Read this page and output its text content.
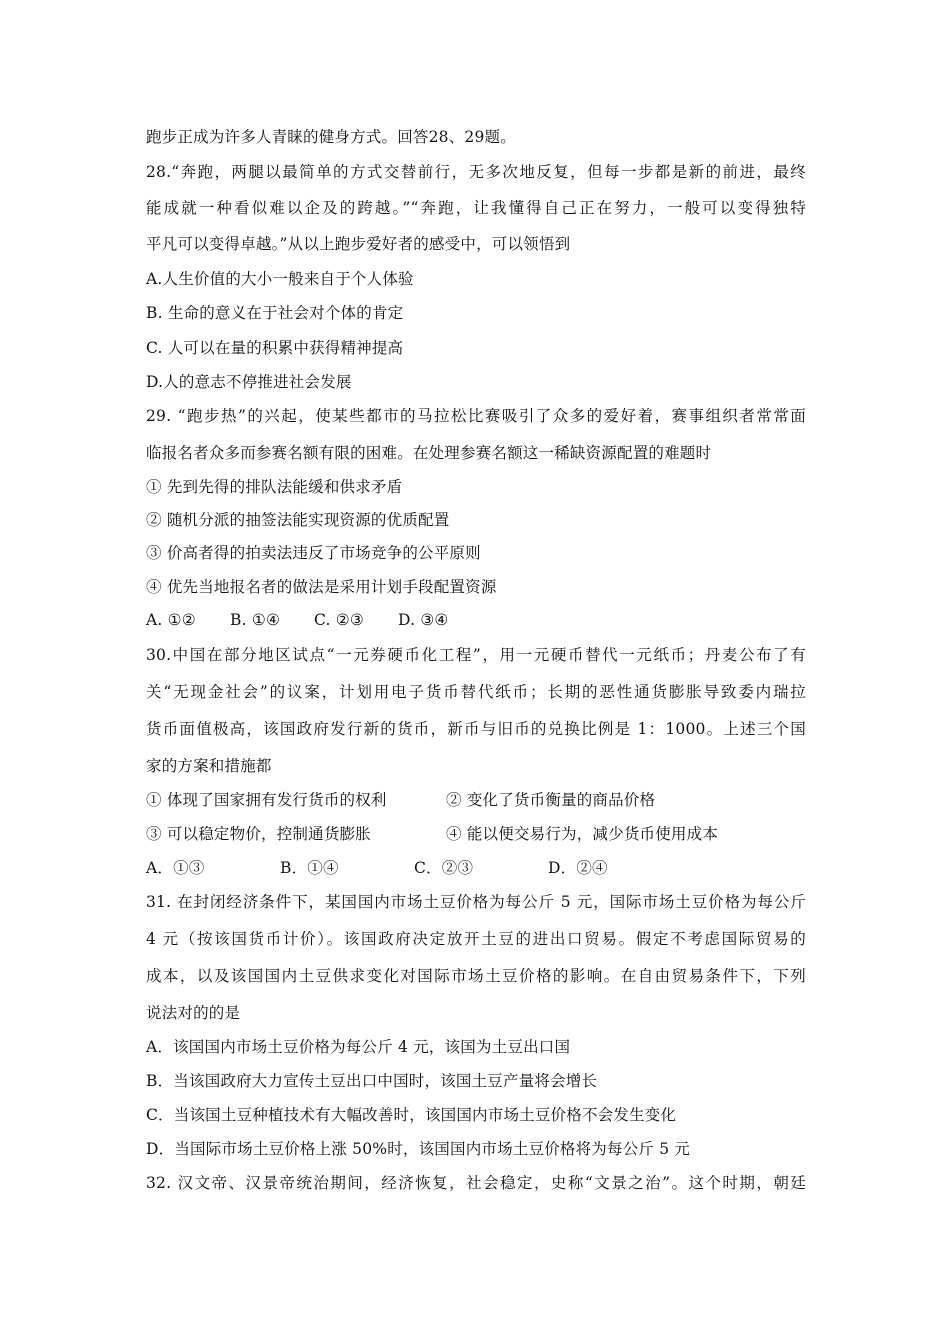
跑步正成为许多人青睐的健身方式。回答28、29题。
28.“奔跑，两腿以最简单的方式交替前行，无多次地反复，但每一步都是新的前进，最终
能成就一种看似难以企及的跨越。”“奔跑，让我懂得自己正在努力，一般可以变得独特
平凡可以变得卓越。”从以上跑步爱好者的感受中，可以领悟到
A.人生价值的大小一般来自于个人体验
B. 生命的意义在于社会对个体的肯定
C. 人可以在量的积累中获得精神提高
D.人的意志不停推进社会发展
29. “跑步热”的兴起，使某些都市的马拉松比赛吸引了众多的爱好着，赛事组织者常常面
临报名者众多而参赛名额有限的困难。在处理参赛名额这一稀缺资源配置的难题时
① 先到先得的排队法能缓和供求矛盾
② 随机分派的抽签法能实现资源的优质配置
③ 价高者得的拍卖法违反了市场竞争的公平原则
④ 优先当地报名者的做法是采用计划手段配置资源
A. ①② B. ①④ C. ②③ D. ③④
30.中国在部分地区试点“一元券硬币化工程”，用一元硬币替代一元纸币；丹麦公布了有
关“无现金社会”的议案，计划用电子货币替代纸币；长期的恶性通货膨胀导致委内瑞拉
货币面值极高，该国政府发行新的货币，新币与旧币的兑换比例是 1：1000。上述三个国
家的方案和措施都
① 体现了国家拥有发行货币的权利	② 变化了货币衡量的商品价格
③ 可以稳定物价，控制通货膨胀	④ 能以便交易行为，减少货币使用成本
A．①③	B．①④	C．②③	D．②④
31. 在封闭经济条件下，某国国内市场土豆价格为每公斤 5 元，国际市场土豆价格为每公斤
4 元（按该国货币计价）。该国政府决定放开土豆的进出口贸易。假定不考虑国际贸易的
成本，以及该国国内土豆供求变化对国际市场土豆价格的影响。在自由贸易条件下，下列
说法对的的是
A．该国国内市场土豆价格为每公斤 4 元，该国为土豆出口国
B．当该国政府大力宣传土豆出口中国时，该国土豆产量将会增长
C．当该国土豆种植技术有大幅改善时，该国国内市场土豆价格不会发生变化
D．当国际市场土豆价格上涨 50%时，该国国内市场土豆价格将为每公斤 5 元
32. 汉文帝、汉景帝统治期间，经济恢复，社会稳定，史称“文景之治”。这个时期，朝廷
